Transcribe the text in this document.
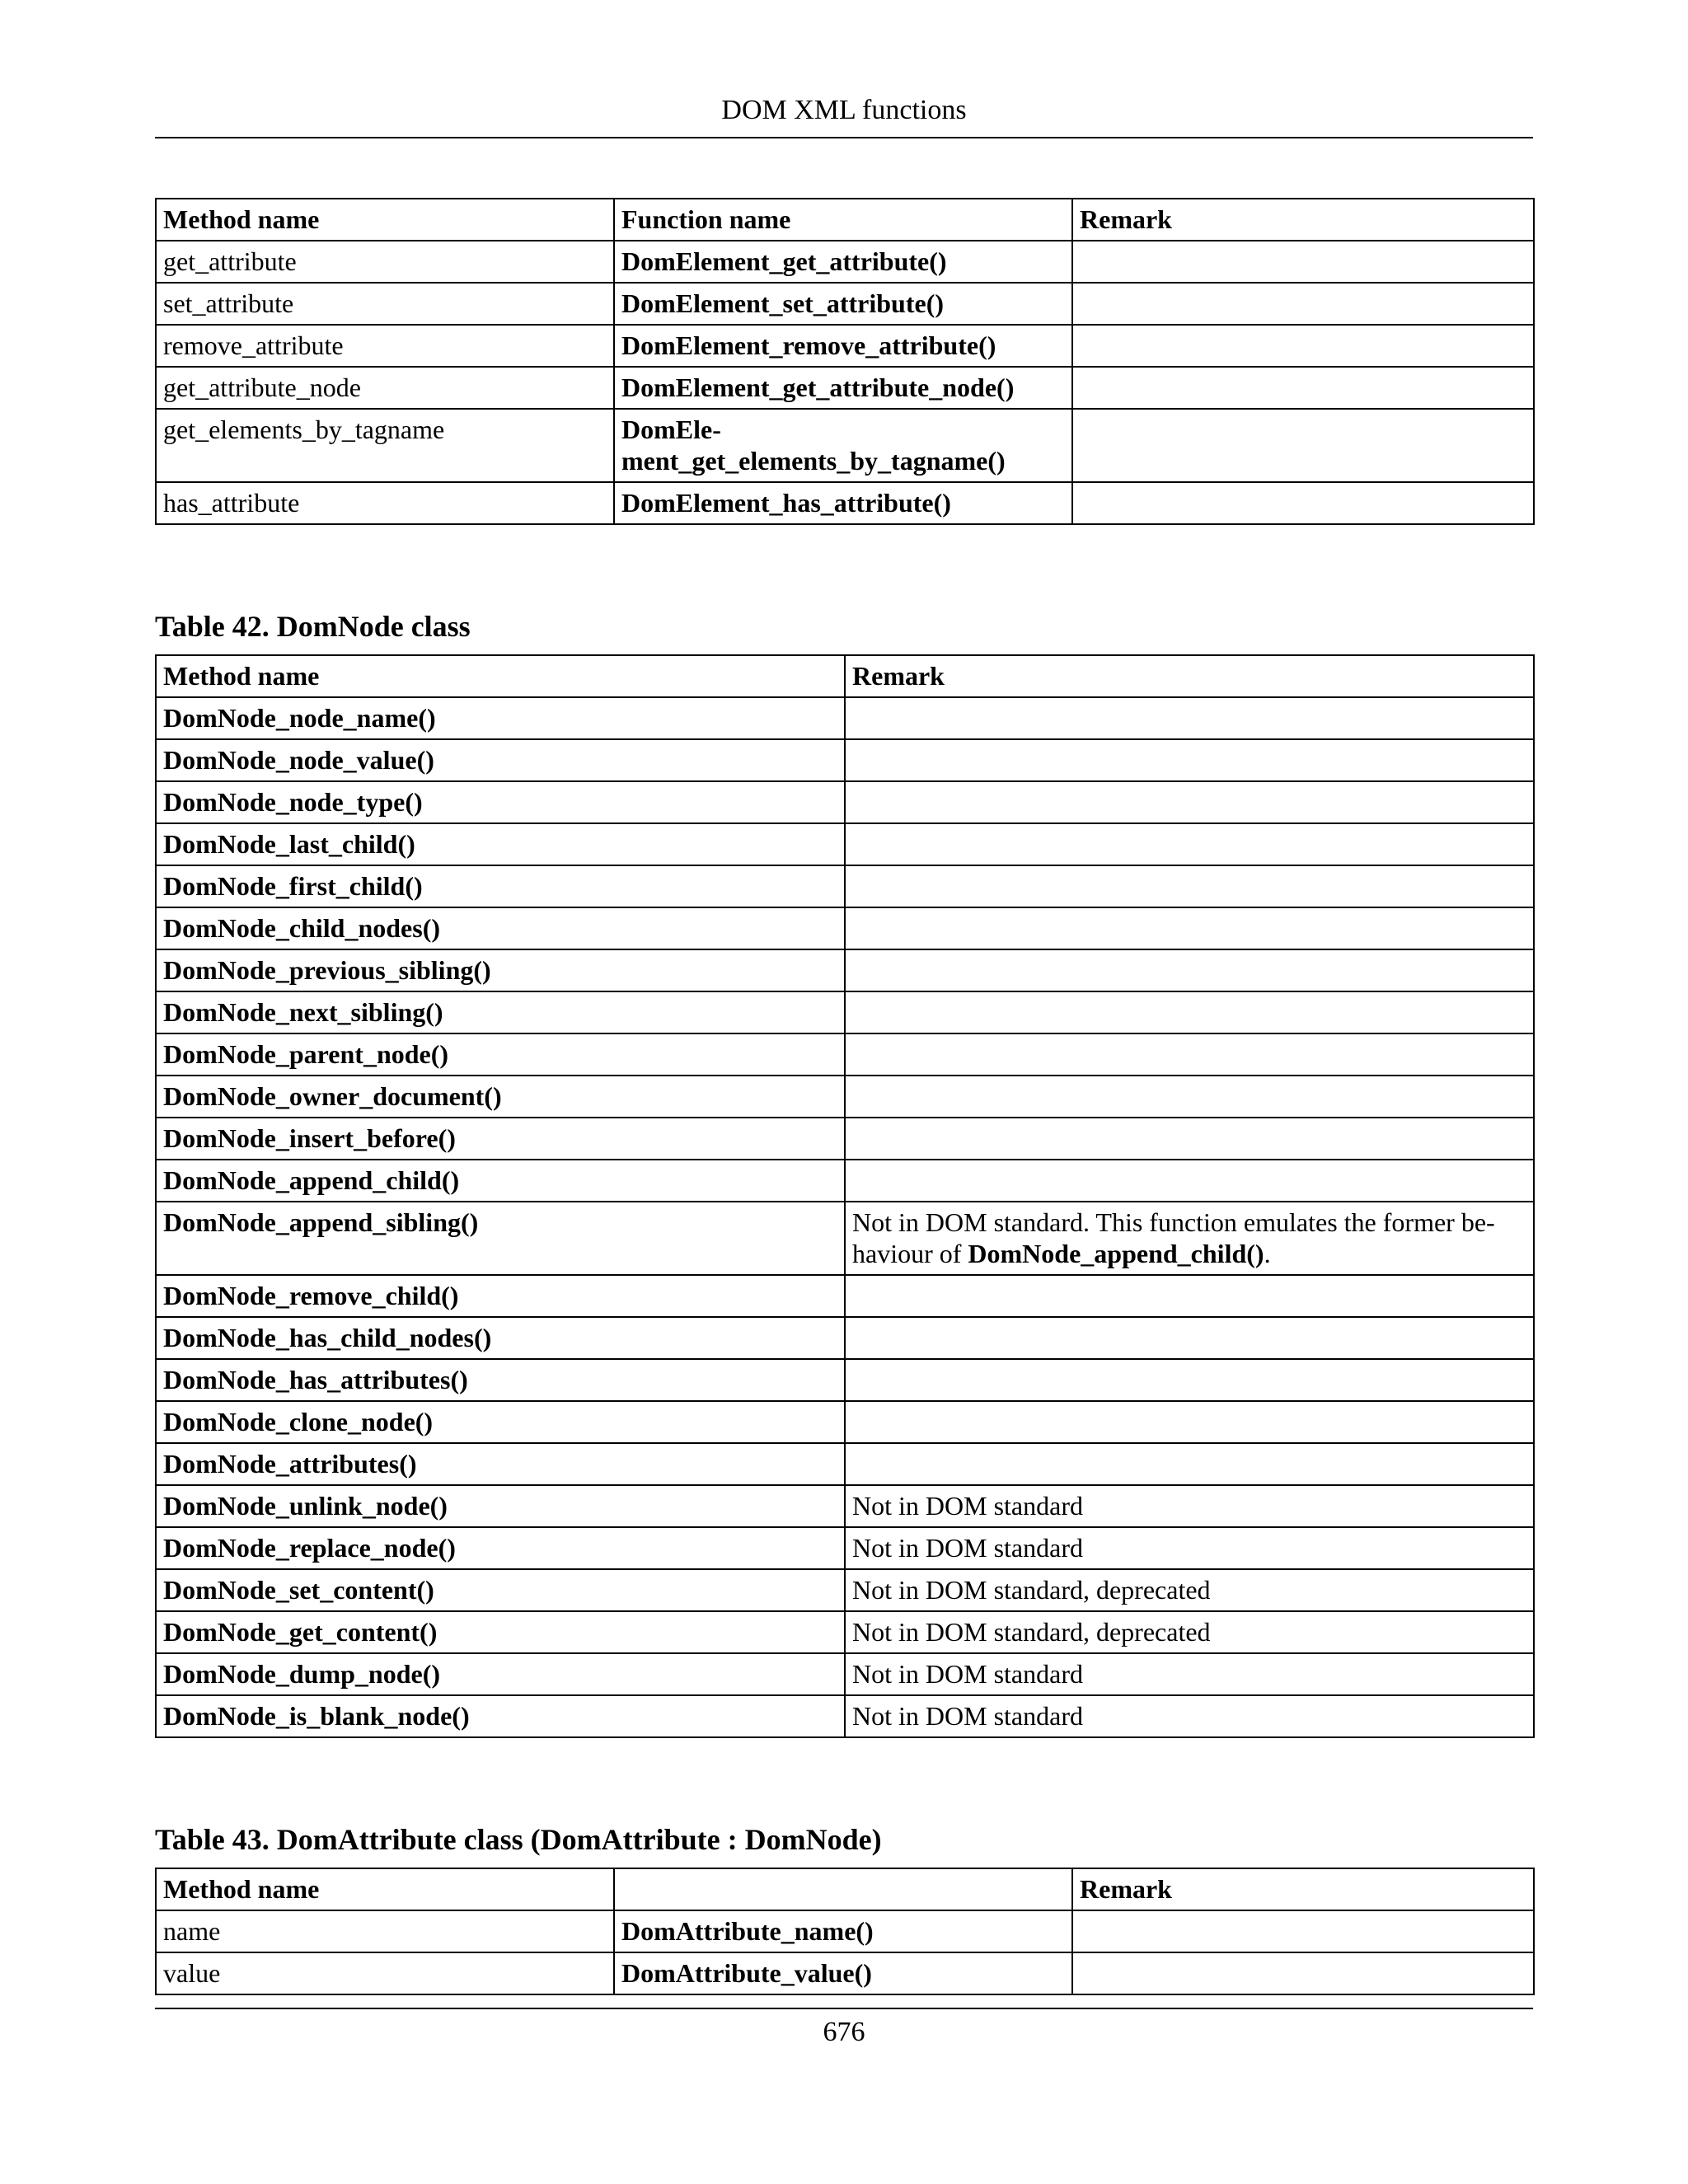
DOM XML functions
Method name	Function name	Remark
get_attribute	DomElement_get_attribute()	
set_attribute	DomElement_set_attribute()	
remove_attribute	DomElement_remove_attribute()	
get_attribute_node	DomElement_get_attribute_node()	
get_elements_by_tagname	DomEle-
ment_get_elements_by_tagname()	
has_attribute	DomElement_has_attribute()	
Table 42. DomNode class
Method name	Remark
DomNode_node_name()	
DomNode_node_value()	
DomNode_node_type()	
DomNode_last_child()	
DomNode_first_child()	
DomNode_child_nodes()	
DomNode_previous_sibling()	
DomNode_next_sibling()	
DomNode_parent_node()	
DomNode_owner_document()	
DomNode_insert_before()	
DomNode_append_child()	
DomNode_append_sibling()	Not in DOM standard. This function emulates the former be-
haviour of DomNode_append_child().
DomNode_remove_child()	
DomNode_has_child_nodes()	
DomNode_has_attributes()	
DomNode_clone_node()	
DomNode_attributes()	
DomNode_unlink_node()	Not in DOM standard
DomNode_replace_node()	Not in DOM standard
DomNode_set_content()	Not in DOM standard, deprecated
DomNode_get_content()	Not in DOM standard, deprecated
DomNode_dump_node()	Not in DOM standard
DomNode_is_blank_node()	Not in DOM standard
Table 43. DomAttribute class (DomAttribute : DomNode)
Method name		Remark
name	DomAttribute_name()	
value	DomAttribute_value()	
676
